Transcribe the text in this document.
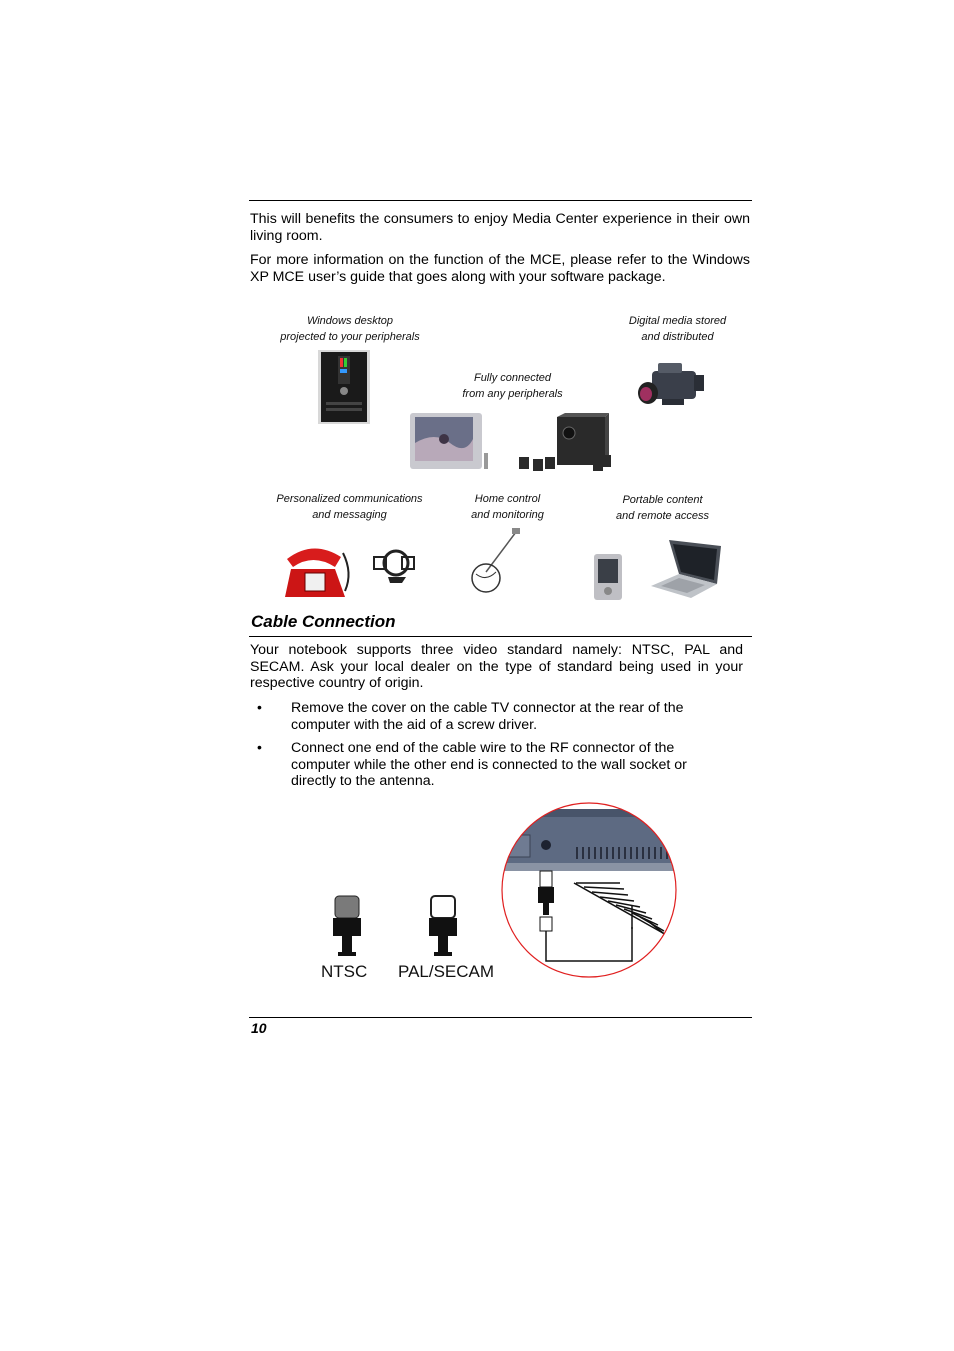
This will benefits the consumers to enjoy Media Center experience in their own living room.

For more information on the function of the MCE, please refer to the Windows XP MCE user’s guide that goes along with your software package.

Windows desktop
projected to your peripherals
Digital media stored
and distributed
Fully connected
from any peripherals
Personalized communications
and messaging
Home control
and monitoring
Portable content
and remote access
Cable Connection

Your notebook supports three video standard namely: NTSC, PAL and SECAM. Ask your local dealer on the type of standard being used in your respective country of origin.

• Remove the cover on the cable TV connector at the rear of the computer with the aid of a screw driver.

• Connect one end of the cable wire to the RF connector of the computer while the other end is connected to the wall socket or directly to the antenna.

NTSC PAL/SECAM
10
